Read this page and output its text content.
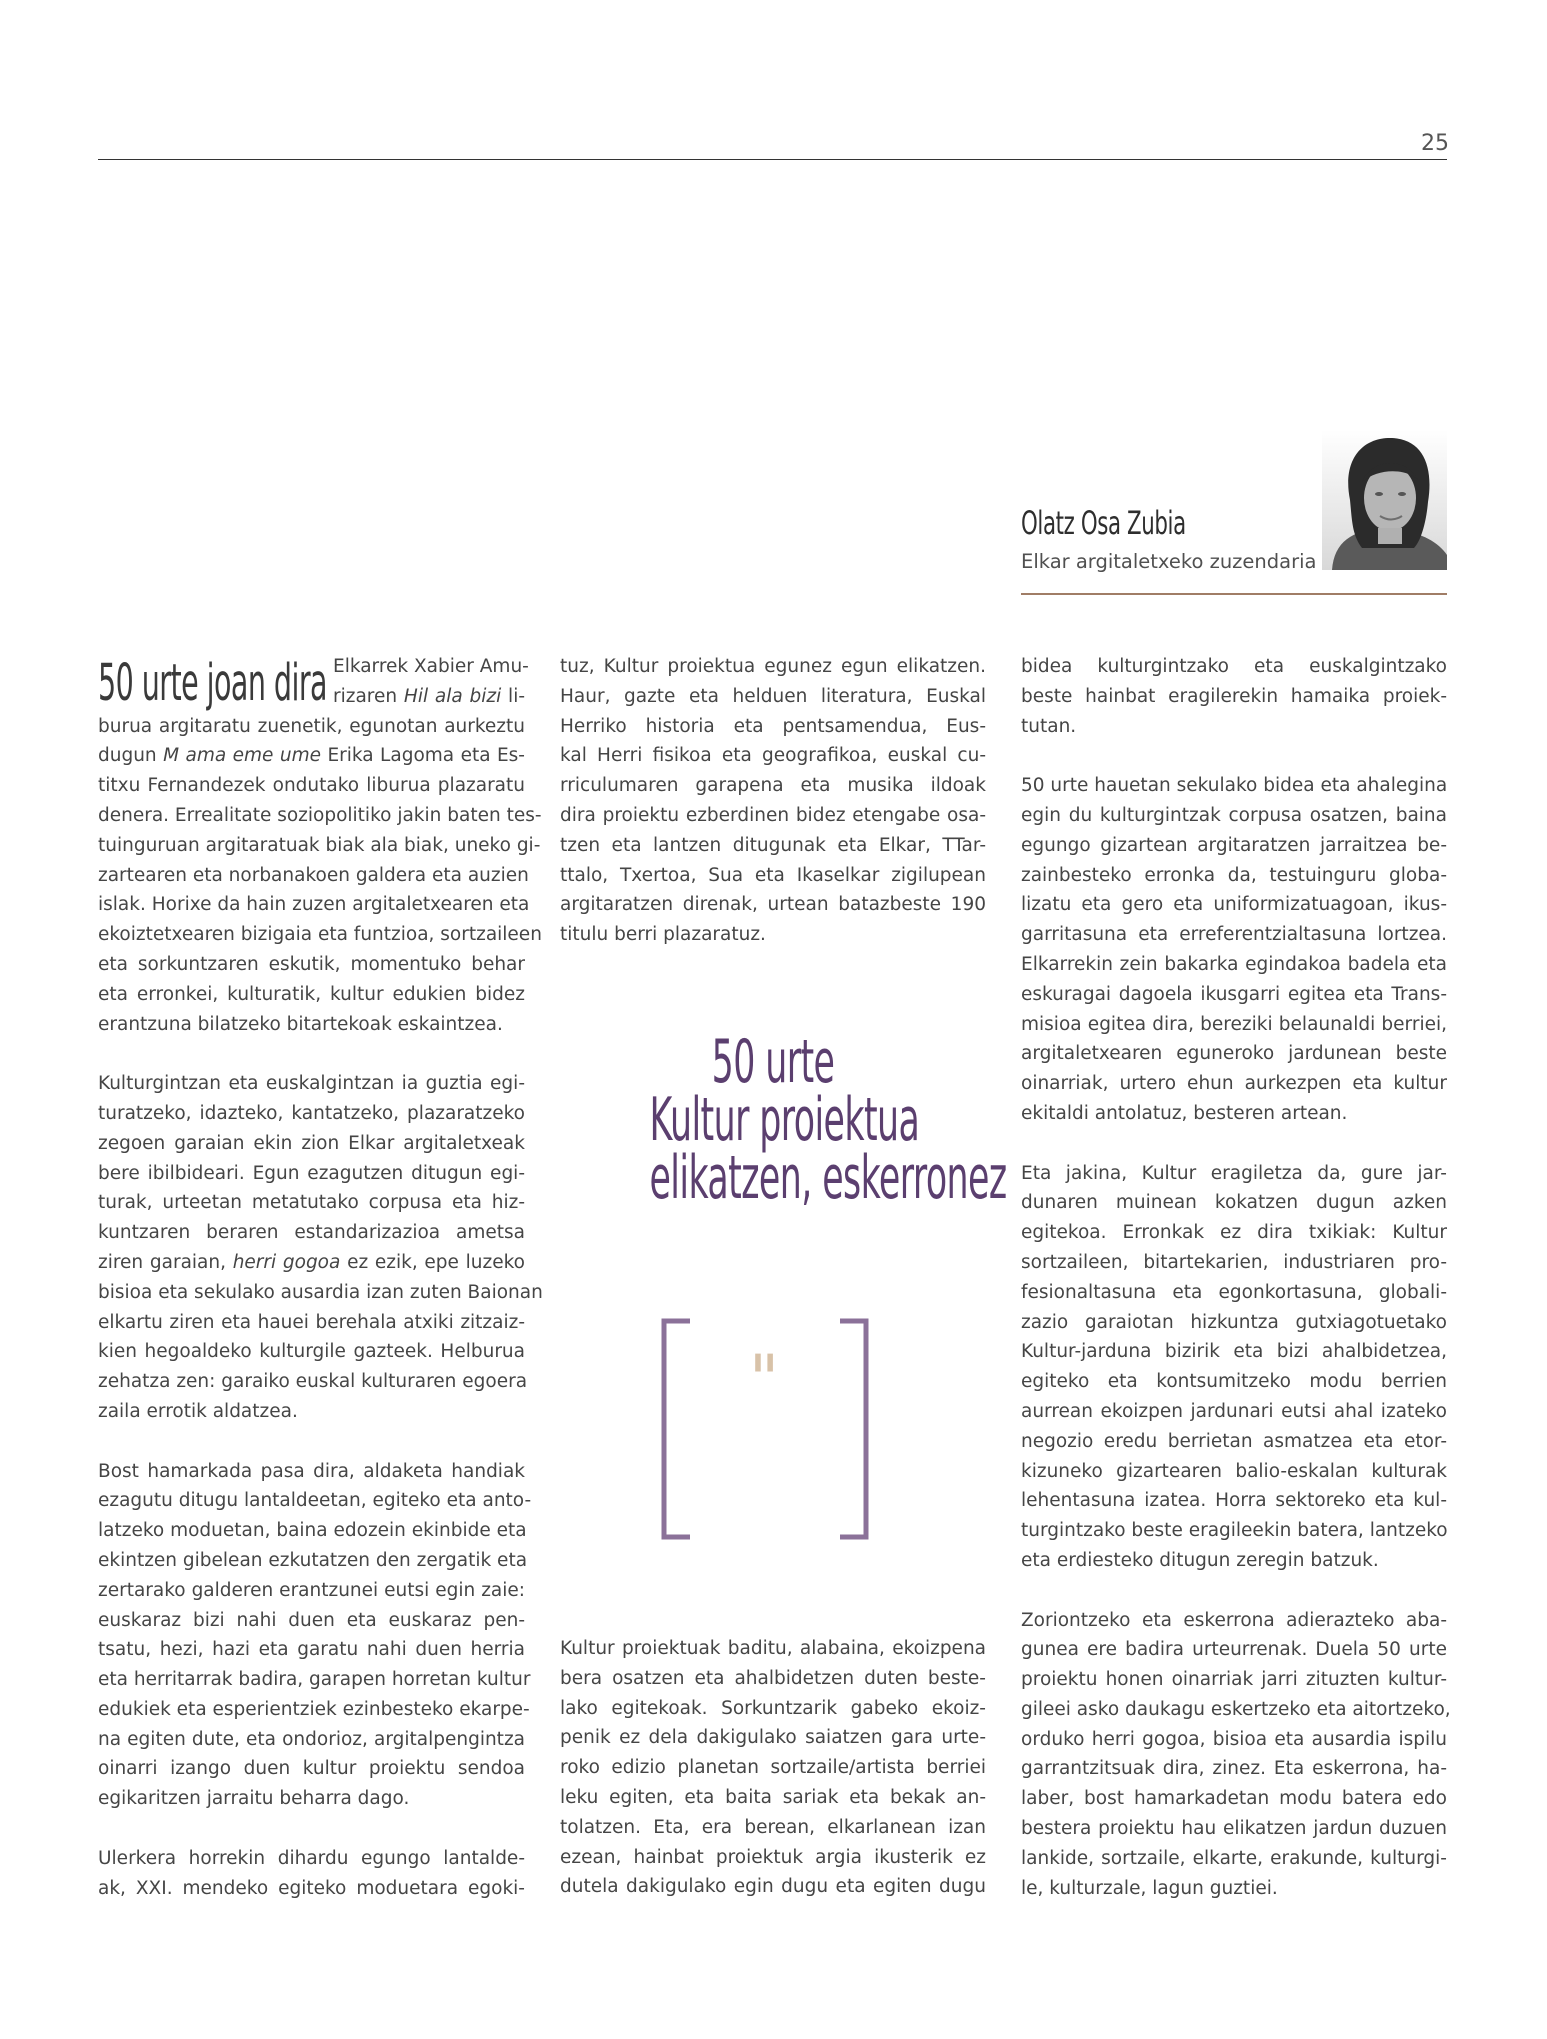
25
Olatz Osa Zubia
Elkar argitaletxeko zuzendaria
50 urte joan dira Elkarrek Xabier Amu-
rizaren Hil ala bizi li-
burua argitaratu zuenetik, egunotan aurkeztu
dugun M ama eme ume Erika Lagoma eta Es-
titxu Fernandezek ondutako liburua plazaratu
denera. Errealitate soziopolitiko jakin baten tes-
tuinguruan argitaratuak biak ala biak, uneko gi-
zartearen eta norbanakoen galdera eta auzien
islak. Horixe da hain zuzen argitaletxearen eta
ekoiztetxearen bizigaia eta funtzioa, sortzaileen
eta sorkuntzaren eskutik, momentuko behar
eta erronkei, kulturatik, kultur edukien bidez
erantzuna bilatzeko bitartekoak eskaintzea.
Kulturgintzan eta euskalgintzan ia guztia egi-
turatzeko, idazteko, kantatzeko, plazaratzeko
zegoen garaian ekin zion Elkar argitaletxeak
bere ibilbideari. Egun ezagutzen ditugun egi-
turak, urteetan metatutako corpusa eta hiz-
kuntzaren beraren estandarizazioa ametsa
ziren garaian, herri gogoa ez ezik, epe luzeko
bisioa eta sekulako ausardia izan zuten Baionan
elkartu ziren eta hauei berehala atxiki zitzaiz-
kien hegoaldeko kulturgile gazteek. Helburua
zehatza zen: garaiko euskal kulturaren egoera
zaila errotik aldatzea.
Bost hamarkada pasa dira, aldaketa handiak
ezagutu ditugu lantaldeetan, egiteko eta anto-
latzeko moduetan, baina edozein ekinbide eta
ekintzen gibelean ezkutatzen den zergatik eta
zertarako galderen erantzunei eutsi egin zaie:
euskaraz bizi nahi duen eta euskaraz pen-
tsatu, hezi, hazi eta garatu nahi duen herria
eta herritarrak badira, garapen horretan kultur
edukiek eta esperientziek ezinbesteko ekarpe-
na egiten dute, eta ondorioz, argitalpengintza
oinarri izango duen kultur proiektu sendoa
egikaritzen jarraitu beharra dago.
Ulerkera horrekin dihardu egungo lantalde-
ak, XXI. mendeko egiteko moduetara egoki-
tuz, Kultur proiektua egunez egun elikatzen.
Haur, gazte eta helduen literatura, Euskal
Herriko historia eta pentsamendua, Eus-
kal Herri fisikoa eta geografikoa, euskal cu-
rriculumaren garapena eta musika ildoak
dira proiektu ezberdinen bidez etengabe osa-
tzen eta lantzen ditugunak eta Elkar, TTar-
ttalo, Txertoa, Sua eta Ikaselkar zigilupean
argitaratzen direnak, urtean batazbeste 190
titulu berri plazaratuz.
50 urte
Kultur proiektua
elikatzen, eskerronez
"
Kultur proiektuak baditu, alabaina, ekoizpena
bera osatzen eta ahalbidetzen duten beste-
lako egitekoak. Sorkuntzarik gabeko ekoiz-
penik ez dela dakigulako saiatzen gara urte-
roko edizio planetan sortzaile/artista berriei
leku egiten, eta baita sariak eta bekak an-
tolatzen. Eta, era berean, elkarlanean izan
ezean, hainbat proiektuk argia ikusterik ez
dutela dakigulako egin dugu eta egiten dugu
bidea kulturgintzako eta euskalgintzako
beste hainbat eragilerekin hamaika proiek-
tutan.
50 urte hauetan sekulako bidea eta ahalegina
egin du kulturgintzak corpusa osatzen, baina
egungo gizartean argitaratzen jarraitzea be-
zainbesteko erronka da, testuinguru globa-
lizatu eta gero eta uniformizatuagoan, ikus-
garritasuna eta erreferentzialtasuna lortzea.
Elkarrekin zein bakarka egindakoa badela eta
eskuragai dagoela ikusgarri egitea eta Trans-
misioa egitea dira, bereziki belaunaldi berriei,
argitaletxearen eguneroko jardunean beste
oinarriak, urtero ehun aurkezpen eta kultur
ekitaldi antolatuz, besteren artean.
Eta jakina, Kultur eragiletza da, gure jar-
dunaren muinean kokatzen dugun azken
egitekoa. Erronkak ez dira txikiak: Kultur
sortzaileen, bitartekarien, industriaren pro-
fesionaltasuna eta egonkortasuna, globali-
zazio garaiotan hizkuntza gutxiagotuetako
Kultur-jarduna bizirik eta bizi ahalbidetzea,
egiteko eta kontsumitzeko modu berrien
aurrean ekoizpen jardunari eutsi ahal izateko
negozio eredu berrietan asmatzea eta etor-
kizuneko gizartearen balio-eskalan kulturak
lehentasuna izatea. Horra sektoreko eta kul-
turgintzako beste eragileekin batera, lantzeko
eta erdiesteko ditugun zeregin batzuk.
Zoriontzeko eta eskerrona adierazteko aba-
gunea ere badira urteurrenak. Duela 50 urte
proiektu honen oinarriak jarri zituzten kultur-
gileei asko daukagu eskertzeko eta aitortzeko,
orduko herri gogoa, bisioa eta ausardia ispilu
garrantzitsuak dira, zinez. Eta eskerrona, ha-
laber, bost hamarkadetan modu batera edo
bestera proiektu hau elikatzen jardun duzuen
lankide, sortzaile, elkarte, erakunde, kulturgi-
le, kulturzale, lagun guztiei.
